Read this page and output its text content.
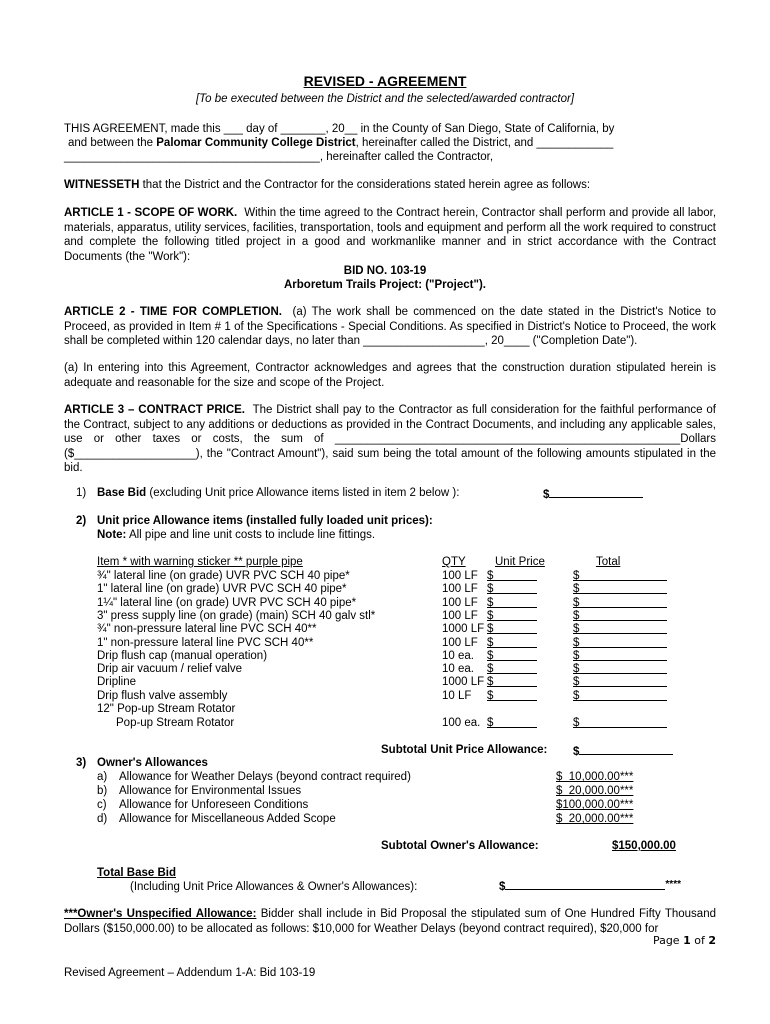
REVISED - AGREEMENT
[To be executed between the District and the selected/awarded contractor]
THIS AGREEMENT, made this ___ day of _______, 20__ in the County of San Diego, State of California, by
and between the Palomar Community College District, hereinafter called the District, and ____________
________________________________________, hereinafter called the Contractor,
WITNESSETH that the District and the Contractor for the considerations stated herein agree as follows:
ARTICLE 1 - SCOPE OF WORK. Within the time agreed to the Contract herein, Contractor shall perform and provide all labor, materials, apparatus, utility services, facilities, transportation, tools and equipment and perform all the work required to construct and complete the following titled project in a good and workmanlike manner and in strict accordance with the Contract Documents (the "Work"):
BID NO. 103-19
Arboretum Trails Project: ("Project").
ARTICLE 2 - TIME FOR COMPLETION. (a) The work shall be commenced on the date stated in the District's Notice to Proceed, as provided in Item # 1 of the Specifications - Special Conditions. As specified in District's Notice to Proceed, the work shall be completed within 120 calendar days, no later than ___________________, 20____ ("Completion Date").
(a) In entering into this Agreement, Contractor acknowledges and agrees that the construction duration stipulated herein is adequate and reasonable for the size and scope of the Project.
ARTICLE 3 – CONTRACT PRICE. The District shall pay to the Contractor as full consideration for the faithful performance of the Contract, subject to any additions or deductions as provided in the Contract Documents, and including any applicable sales, use or other taxes or costs, the sum of ______________________________________________________Dollars ($___________________), the "Contract Amount"), said sum being the total amount of the following amounts stipulated in the bid.
1) Base Bid (excluding Unit price Allowance items listed in item 2 below ):	$
2) Unit price Allowance items (installed fully loaded unit prices):
Note: All pipe and line unit costs to include line fittings.
Item * with warning sticker ** purple pipe	QTY	Unit Price	Total
¾" lateral line (on grade) UVR PVC SCH 40 pipe*	100 LF $	$
1" lateral line (on grade) UVR PVC SCH 40 pipe*	100 LF $	$
1¼" lateral line (on grade) UVR PVC SCH 40 pipe*	100 LF $	$
3" press supply line (on grade) (main) SCH 40 galv stl*	100 LF $	$
¾" non-pressure lateral line PVC SCH 40**	1000 LF $	$
1" non-pressure lateral line PVC SCH 40**	100 LF $	$
Drip flush cap (manual operation)	10 ea. $	$
Drip air vacuum / relief valve	10 ea. $	$
Dripline	1000 LF $	$
Drip flush valve assembly	10 LF $	$
12" Pop-up Stream Rotator
Pop-up Stream Rotator	100 ea. $	$
Subtotal Unit Price Allowance: $
3) Owner's Allowances
a) Allowance for Weather Delays (beyond contract required)	$  10,000.00***
b) Allowance for Environmental Issues	$  20,000.00***
c) Allowance for Unforeseen Conditions	$100,000.00***
d) Allowance for Miscellaneous Added Scope	$  20,000.00***
Subtotal Owner's Allowance:	$150,000.00
Total Base Bid
(Including Unit Price Allowances & Owner's Allowances):	$	****
***Owner's Unspecified Allowance: Bidder shall include in Bid Proposal the stipulated sum of One Hundred Fifty Thousand Dollars ($150,000.00) to be allocated as follows: $10,000 for Weather Delays (beyond contract required), $20,000 for
Page 1 of 2
Revised Agreement – Addendum 1-A: Bid 103-19
